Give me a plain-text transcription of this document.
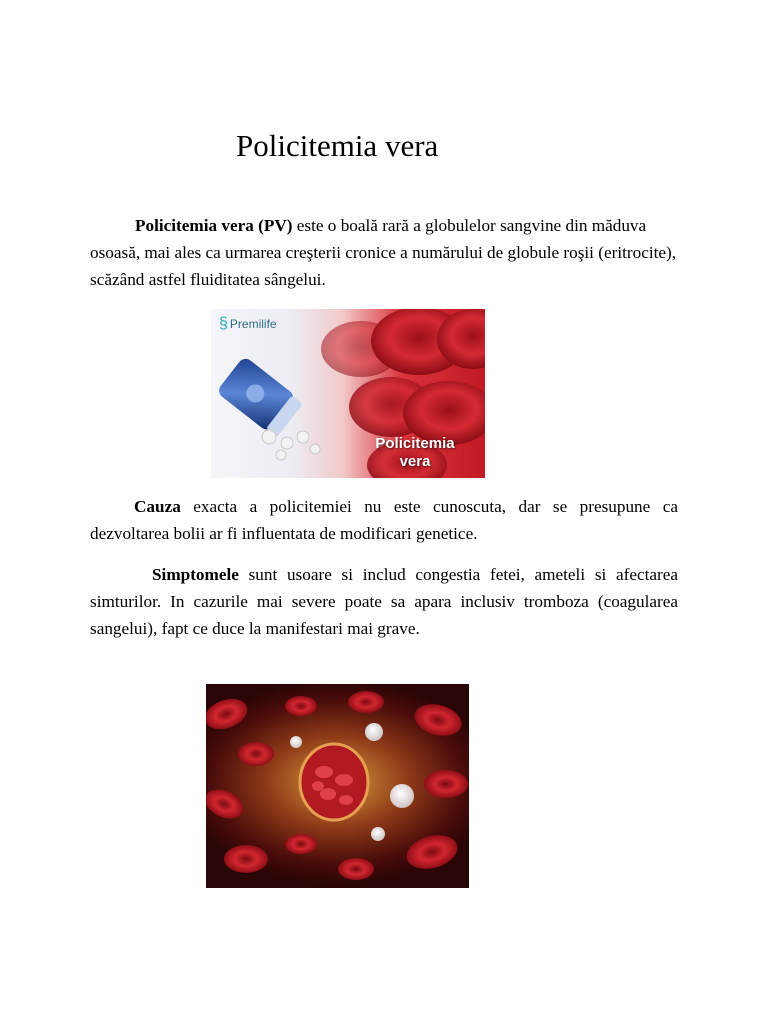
Policitemia vera

Policitemia vera (PV) este o boală rară a globulelor sangvine din măduva osoasă, mai ales ca urmarea creşterii cronice a numărului de globule roşii (eritrocite), scăzând astfel fluiditatea sângelui.

§ Premilife
Policitemia
vera

Cauza exacta a policitemiei nu este cunoscuta, dar se presupune ca dezvoltarea bolii ar fi influentata de modificari genetice.

Simptomele sunt usoare si includ congestia fetei, ameteli si afectarea simturilor. In cazurile mai severe poate sa apara inclusiv tromboza (coagularea sangelui), fapt ce duce la manifestari mai grave.
